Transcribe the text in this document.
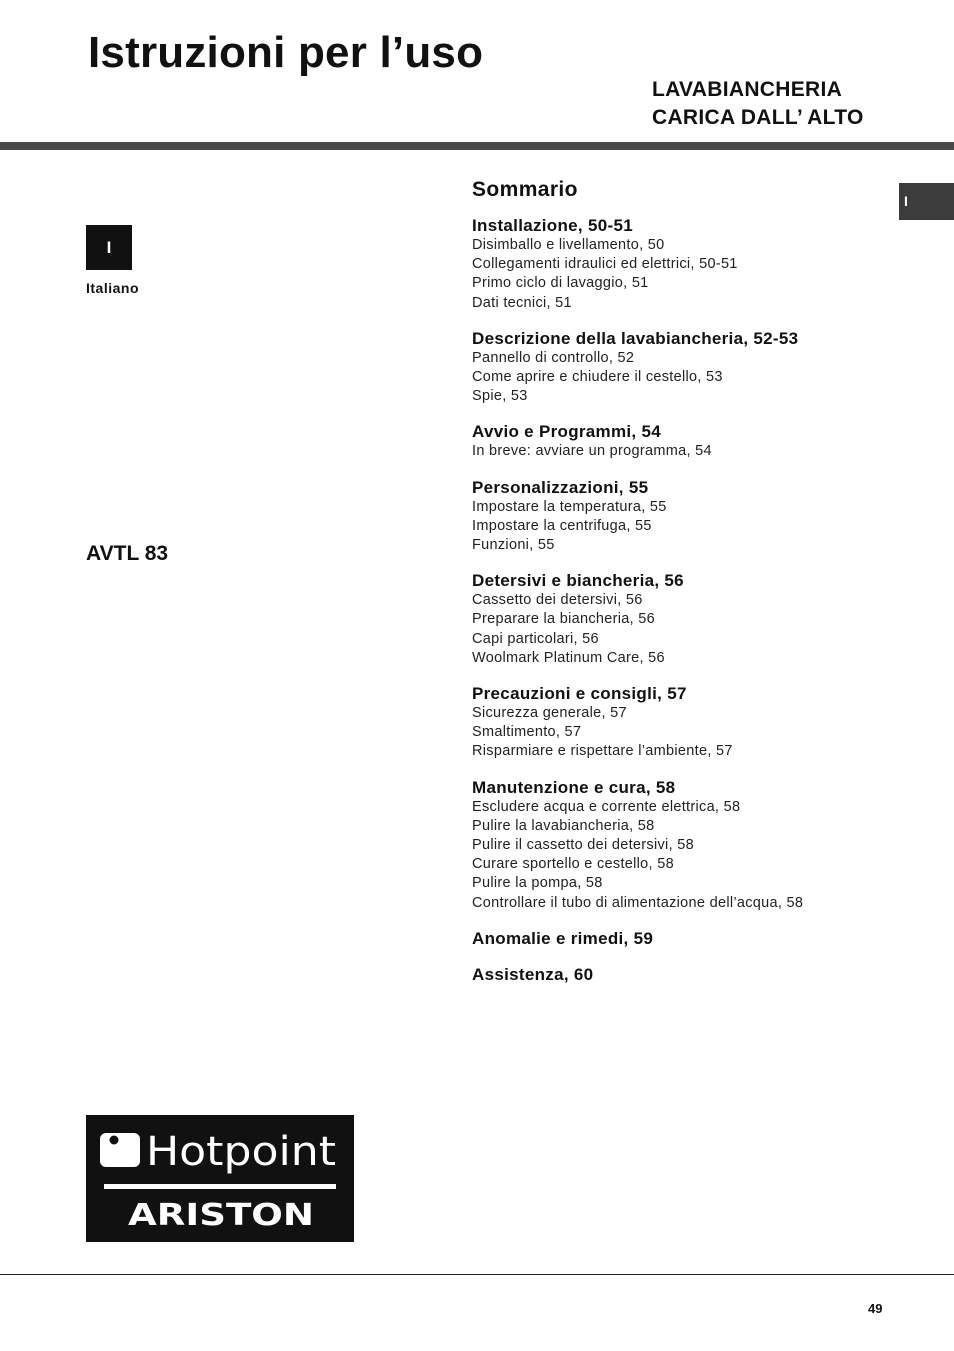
Istruzioni per l’uso
LAVABIANCHERIA
CARICA DALL’ ALTO
I
I
Italiano
AVTL 83
Sommario
Installazione, 50-51
Disimballo e livellamento, 50
Collegamenti idraulici ed elettrici, 50-51
Primo ciclo di lavaggio, 51
Dati tecnici, 51
Descrizione della lavabiancheria, 52-53
Pannello di controllo, 52
Come aprire e chiudere il cestello, 53
Spie, 53
Avvio e Programmi, 54
In breve: avviare un programma, 54
Personalizzazioni, 55
Impostare la temperatura, 55
Impostare la centrifuga, 55
Funzioni, 55
Detersivi e biancheria, 56
Cassetto dei detersivi, 56
Preparare la biancheria, 56
Capi particolari, 56
Woolmark Platinum Care, 56
Precauzioni e consigli, 57
Sicurezza generale, 57
Smaltimento, 57
Risparmiare e rispettare l’ambiente, 57
Manutenzione e cura, 58
Escludere acqua e corrente elettrica, 58
Pulire la lavabiancheria, 58
Pulire il cassetto dei detersivi, 58
Curare sportello e cestello, 58
Pulire la pompa, 58
Controllare il tubo di alimentazione dell’acqua, 58
Anomalie e rimedi, 59
Assistenza, 60
Hotpoint
ARISTON
49
